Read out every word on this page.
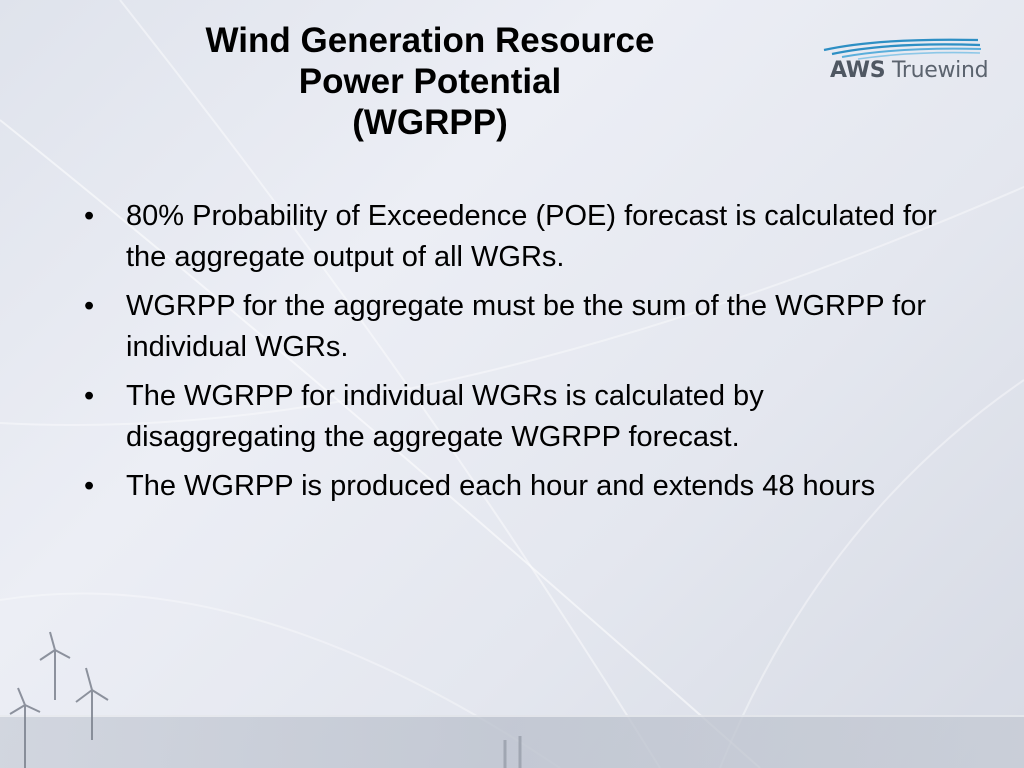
AWS Truewind
Wind Generation Resource
Power Potential
(WGRPP)
• 80% Probability of Exceedence (POE) forecast is calculated for the aggregate output of all WGRs.
• WGRPP for the aggregate must be the sum of the WGRPP for individual WGRs.
• The WGRPP for individual WGRs is calculated by disaggregating the aggregate WGRPP forecast.
• The WGRPP is produced each hour and extends 48 hours
